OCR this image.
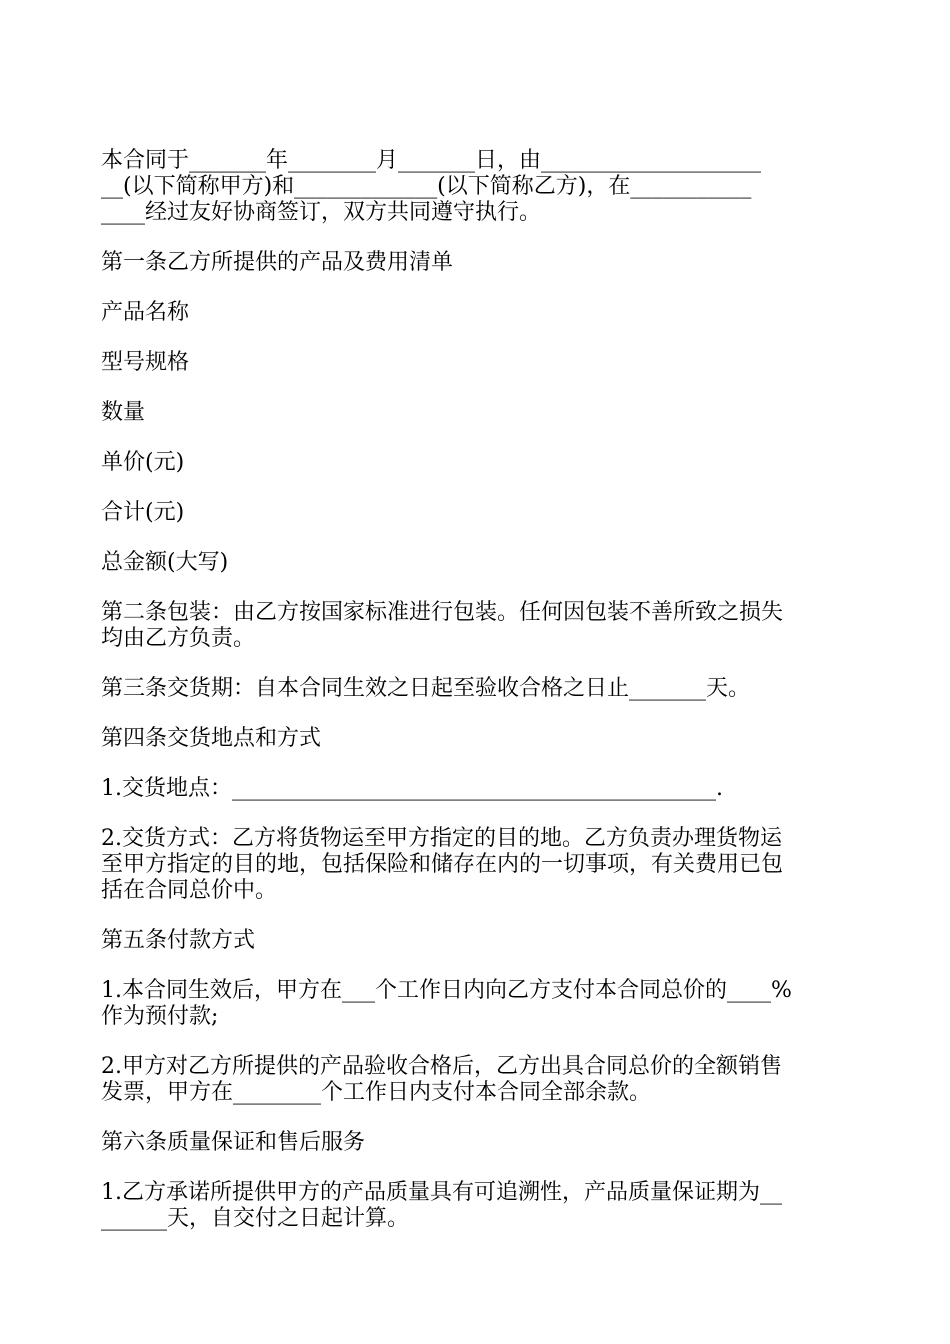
本合同于_______年________月_______日，由____________________
__(以下简称甲方)和_____________(以下简称乙方)，在___________
____经过友好协商签订，双方共同遵守执行。

第一条乙方所提供的产品及费用清单

产品名称

型号规格

数量

单价(元)

合计(元)

总金额(大写)

第二条包装：由乙方按国家标准进行包装。任何因包装不善所致之损失
均由乙方负责。

第三条交货期：自本合同生效之日起至验收合格之日止_______天。

第四条交货地点和方式

1.交货地点：____________________________________________.

2.交货方式：乙方将货物运至甲方指定的目的地。乙方负责办理货物运
至甲方指定的目的地，包括保险和储存在内的一切事项，有关费用已包
括在合同总价中。

第五条付款方式

1.本合同生效后，甲方在___个工作日内向乙方支付本合同总价的____%
作为预付款;

2.甲方对乙方所提供的产品验收合格后，乙方出具合同总价的全额销售
发票，甲方在________个工作日内支付本合同全部余款。

第六条质量保证和售后服务

1.乙方承诺所提供甲方的产品质量具有可追溯性，产品质量保证期为__
______天，自交付之日起计算。
